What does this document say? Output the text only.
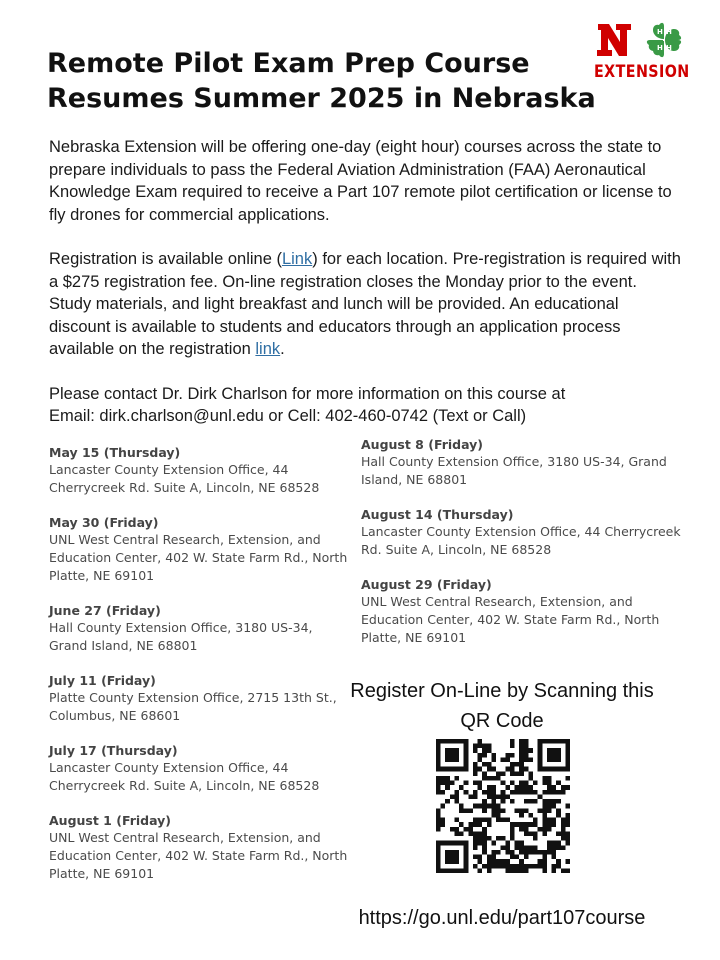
H H
H H
EXTENSION
Remote Pilot Exam Prep Course
Resumes Summer 2025 in Nebraska

Nebraska Extension will be offering one-day (eight hour) courses across the state to prepare individuals to pass the Federal Aviation Administration (FAA) Aeronautical Knowledge Exam required to receive a Part 107 remote pilot certification or license to fly drones for commercial applications.

Registration is available online (Link) for each location. Pre-registration is required with a $275 registration fee. On-line registration closes the Monday prior to the event. Study materials, and light breakfast and lunch will be provided. An educational discount is available to students and educators through an application process available on the registration link.

Please contact Dr. Dirk Charlson for more information on this course at
Email: dirk.charlson@unl.edu or Cell: 402-460-0742 (Text or Call)

May 15 (Thursday)
Lancaster County Extension Office, 44 Cherrycreek Rd. Suite A, Lincoln, NE 68528
May 30 (Friday)
UNL West Central Research, Extension, and Education Center, 402 W. State Farm Rd., North Platte, NE 69101
June 27 (Friday)
Hall County Extension Office, 3180 US-34, Grand Island, NE 68801
July 11 (Friday)
Platte County Extension Office, 2715 13th St., Columbus, NE 68601
July 17 (Thursday)
Lancaster County Extension Office, 44 Cherrycreek Rd. Suite A, Lincoln, NE 68528
August 1 (Friday)
UNL West Central Research, Extension, and Education Center, 402 W. State Farm Rd., North Platte, NE 69101
August 8 (Friday)
Hall County Extension Office, 3180 US-34, Grand Island, NE 68801
August 14 (Thursday)
Lancaster County Extension Office, 44 Cherrycreek Rd. Suite A, Lincoln, NE 68528
August 29 (Friday)
UNL West Central Research, Extension, and Education Center, 402 W. State Farm Rd., North Platte, NE 69101
Register On-Line by Scanning this
QR Code
https://go.unl.edu/part107course
